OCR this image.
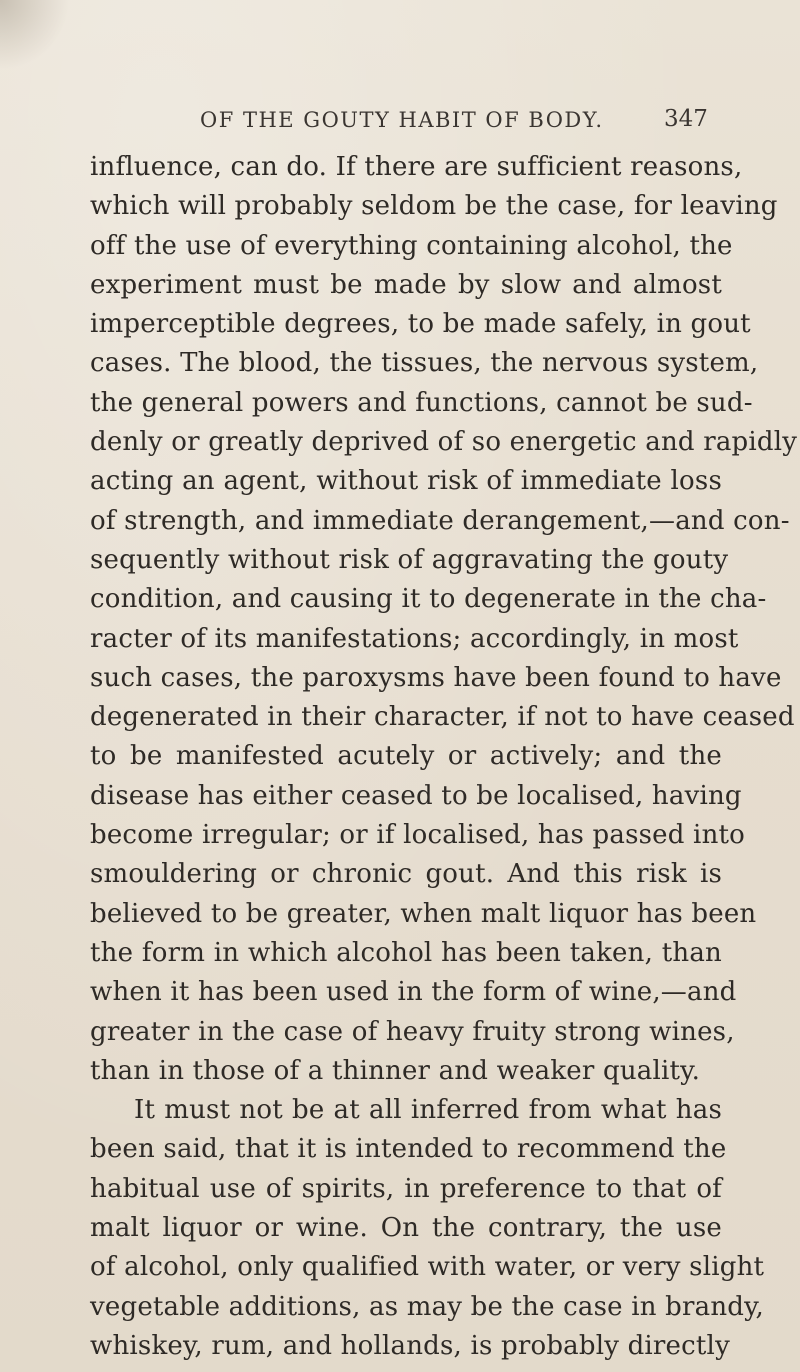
OF THE GOUTY HABIT OF BODY.	347
influence, can do. If there are sufficient reasons,
which will probably seldom be the case, for leaving
off the use of everything containing alcohol, the
experiment must be made by slow and almost
imperceptible degrees, to be made safely, in gout
cases. The blood, the tissues, the nervous system,
the general powers and functions, cannot be sud-
denly or greatly deprived of so energetic and rapidly
acting an agent, without risk of immediate loss
of strength, and immediate derangement,—and con-
sequently without risk of aggravating the gouty
condition, and causing it to degenerate in the cha-
racter of its manifestations; accordingly, in most
such cases, the paroxysms have been found to have
degenerated in their character, if not to have ceased
to be manifested acutely or actively; and the
disease has either ceased to be localised, having
become irregular; or if localised, has passed into
smouldering or chronic gout. And this risk is
believed to be greater, when malt liquor has been
the form in which alcohol has been taken, than
when it has been used in the form of wine,—and
greater in the case of heavy fruity strong wines,
than in those of a thinner and weaker quality.
It must not be at all inferred from what has
been said, that it is intended to recommend the
habitual use of spirits, in preference to that of
malt liquor or wine. On the contrary, the use
of alcohol, only qualified with water, or very slight
vegetable additions, as may be the case in brandy,
whiskey, rum, and hollands, is probably directly
